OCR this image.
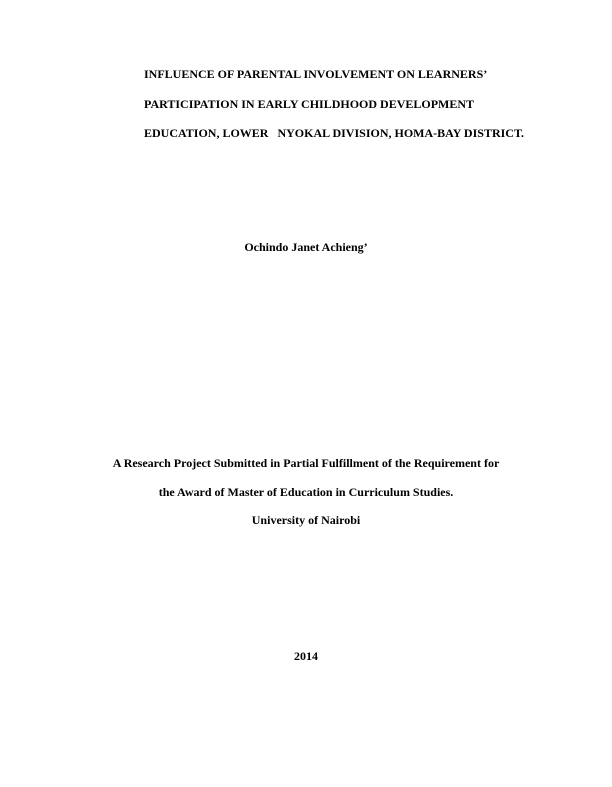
INFLUENCE OF PARENTAL INVOLVEMENT ON LEARNERS’
PARTICIPATION IN EARLY CHILDHOOD DEVELOPMENT
EDUCATION, LOWER   NYOKAL DIVISION, HOMA-BAY DISTRICT.
Ochindo Janet Achieng’
A Research Project Submitted in Partial Fulfillment of the Requirement for
the Award of Master of Education in Curriculum Studies.
University of Nairobi
2014
